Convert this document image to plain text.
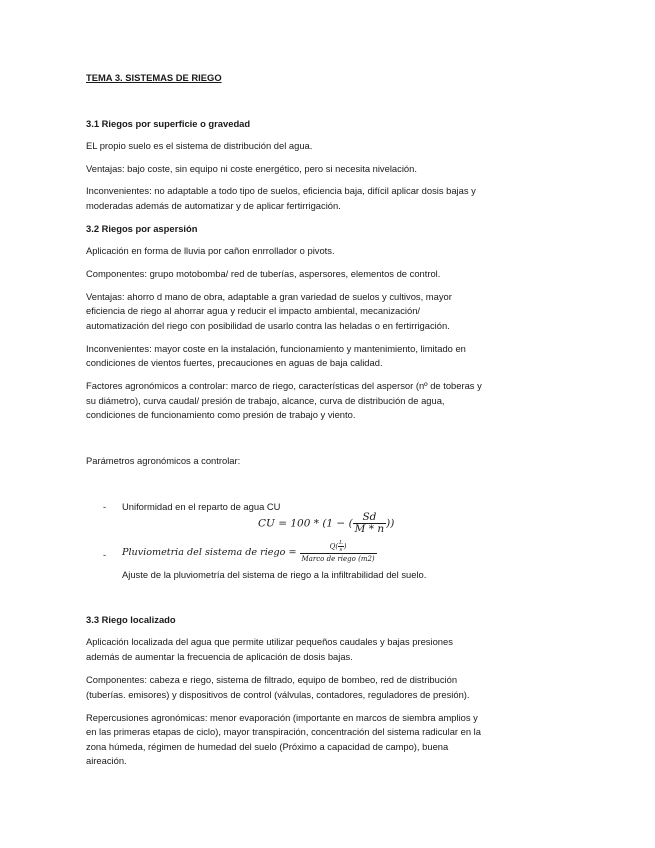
TEMA 3. SISTEMAS DE RIEGO
3.1 Riegos por superficie o gravedad
EL propio suelo es el sistema de distribución del agua.
Ventajas: bajo coste, sin equipo ni coste energético, pero si necesita nivelación.
Inconvenientes: no adaptable a todo tipo de suelos, eficiencia baja, difícil aplicar dosis bajas y
moderadas además de automatizar y de aplicar fertirrigación.
3.2 Riegos por aspersión
Aplicación en forma de lluvia por cañon enrrollador o pivots.
Componentes: grupo motobomba/ red de tuberías, aspersores, elementos de control.
Ventajas: ahorro d mano de obra, adaptable a gran variedad de suelos y cultivos, mayor
eficiencia de riego al ahorrar agua y reducir el impacto ambiental, mecanización/
automatización del riego con posibilidad de usarlo contra las heladas o en fertirrigación.
Inconvenientes: mayor coste en la instalación, funcionamiento y mantenimiento, limitado en
condiciones de vientos fuertes, precauciones en aguas de baja calidad.
Factores agronómicos a controlar: marco de riego, características del aspersor (nº de toberas y
su diámetro), curva caudal/ presión de trabajo, alcance, curva de distribución de agua,
condiciones de funcionamiento como presión de trabajo y viento.
Parámetros agronómicos a controlar:
- Uniformidad en el reparto de agua CU
CU = 100 * (1 − ( $\frac{Sd}{M * n}$ ))
- Pluviometria del sistema de riego = $\frac{Q( \frac{L}{s} )}{\text{Marco de riego (m2)}}$
Ajuste de la pluviometría del sistema de riego a la infiltrabilidad del suelo.
3.3 Riego localizado
Aplicación localizada del agua que permite utilizar pequeños caudales y bajas presiones
además de aumentar la frecuencia de aplicación de dosis bajas.
Componentes: cabeza e riego, sistema de filtrado, equipo de bombeo, red de distribución
(tuberías. emisores) y dispositivos de control (válvulas, contadores, reguladores de presión).
Repercusiones agronómicas: menor evaporación (importante en marcos de siembra amplios y
en las primeras etapas de ciclo), mayor transpiración, concentración del sistema radicular en la
zona húmeda, régimen de humedad del suelo (Próximo a capacidad de campo), buena
aireación.
